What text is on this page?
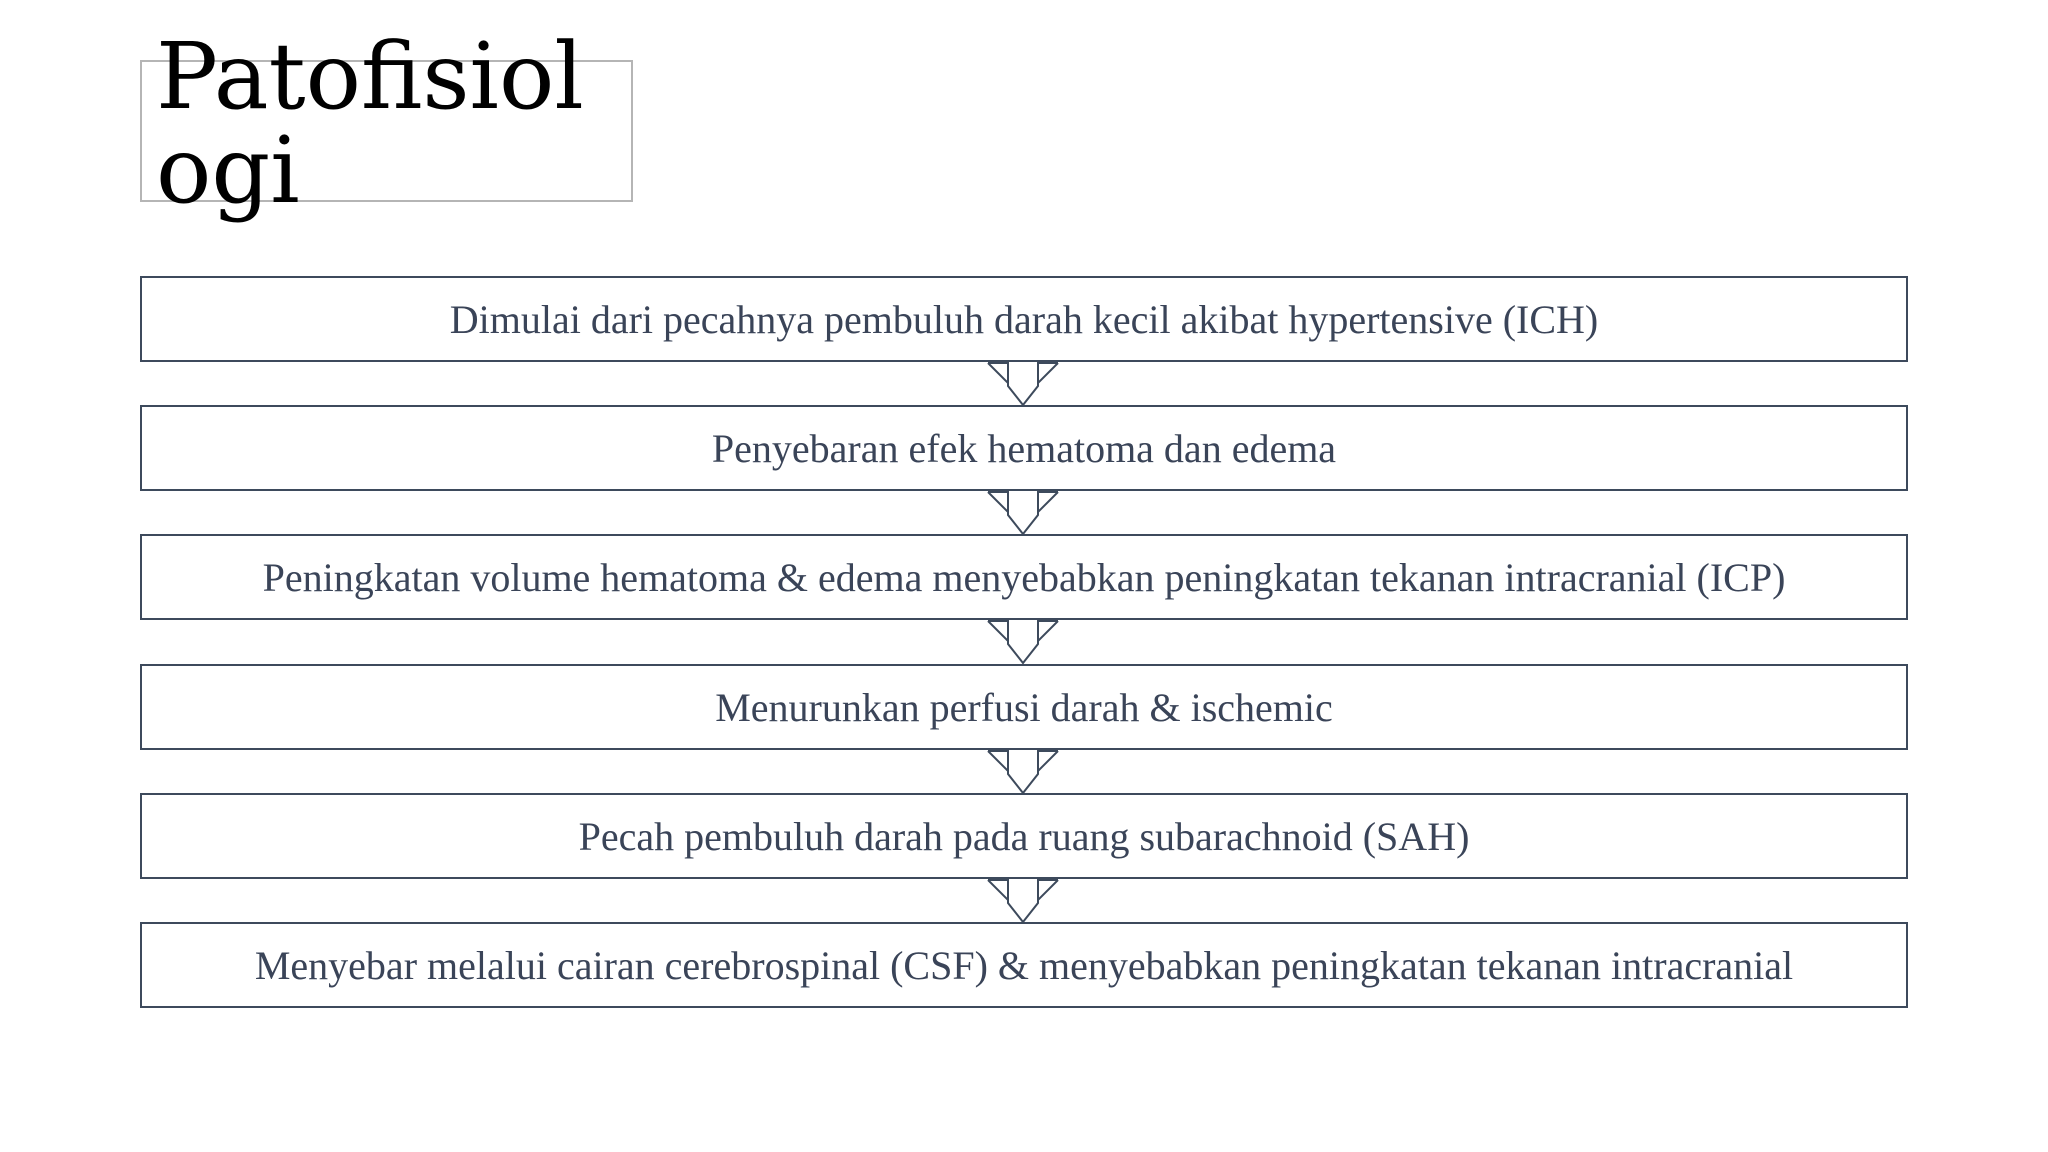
Patofisiologi
Dimulai dari pecahnya pembuluh darah kecil akibat hypertensive (ICH)
Penyebaran efek hematoma dan edema
Peningkatan volume hematoma & edema menyebabkan peningkatan tekanan intracranial (ICP)
Menurunkan perfusi darah & ischemic
Pecah pembuluh darah pada ruang subarachnoid (SAH)
Menyebar melalui cairan cerebrospinal (CSF) & menyebabkan peningkatan tekanan intracranial
